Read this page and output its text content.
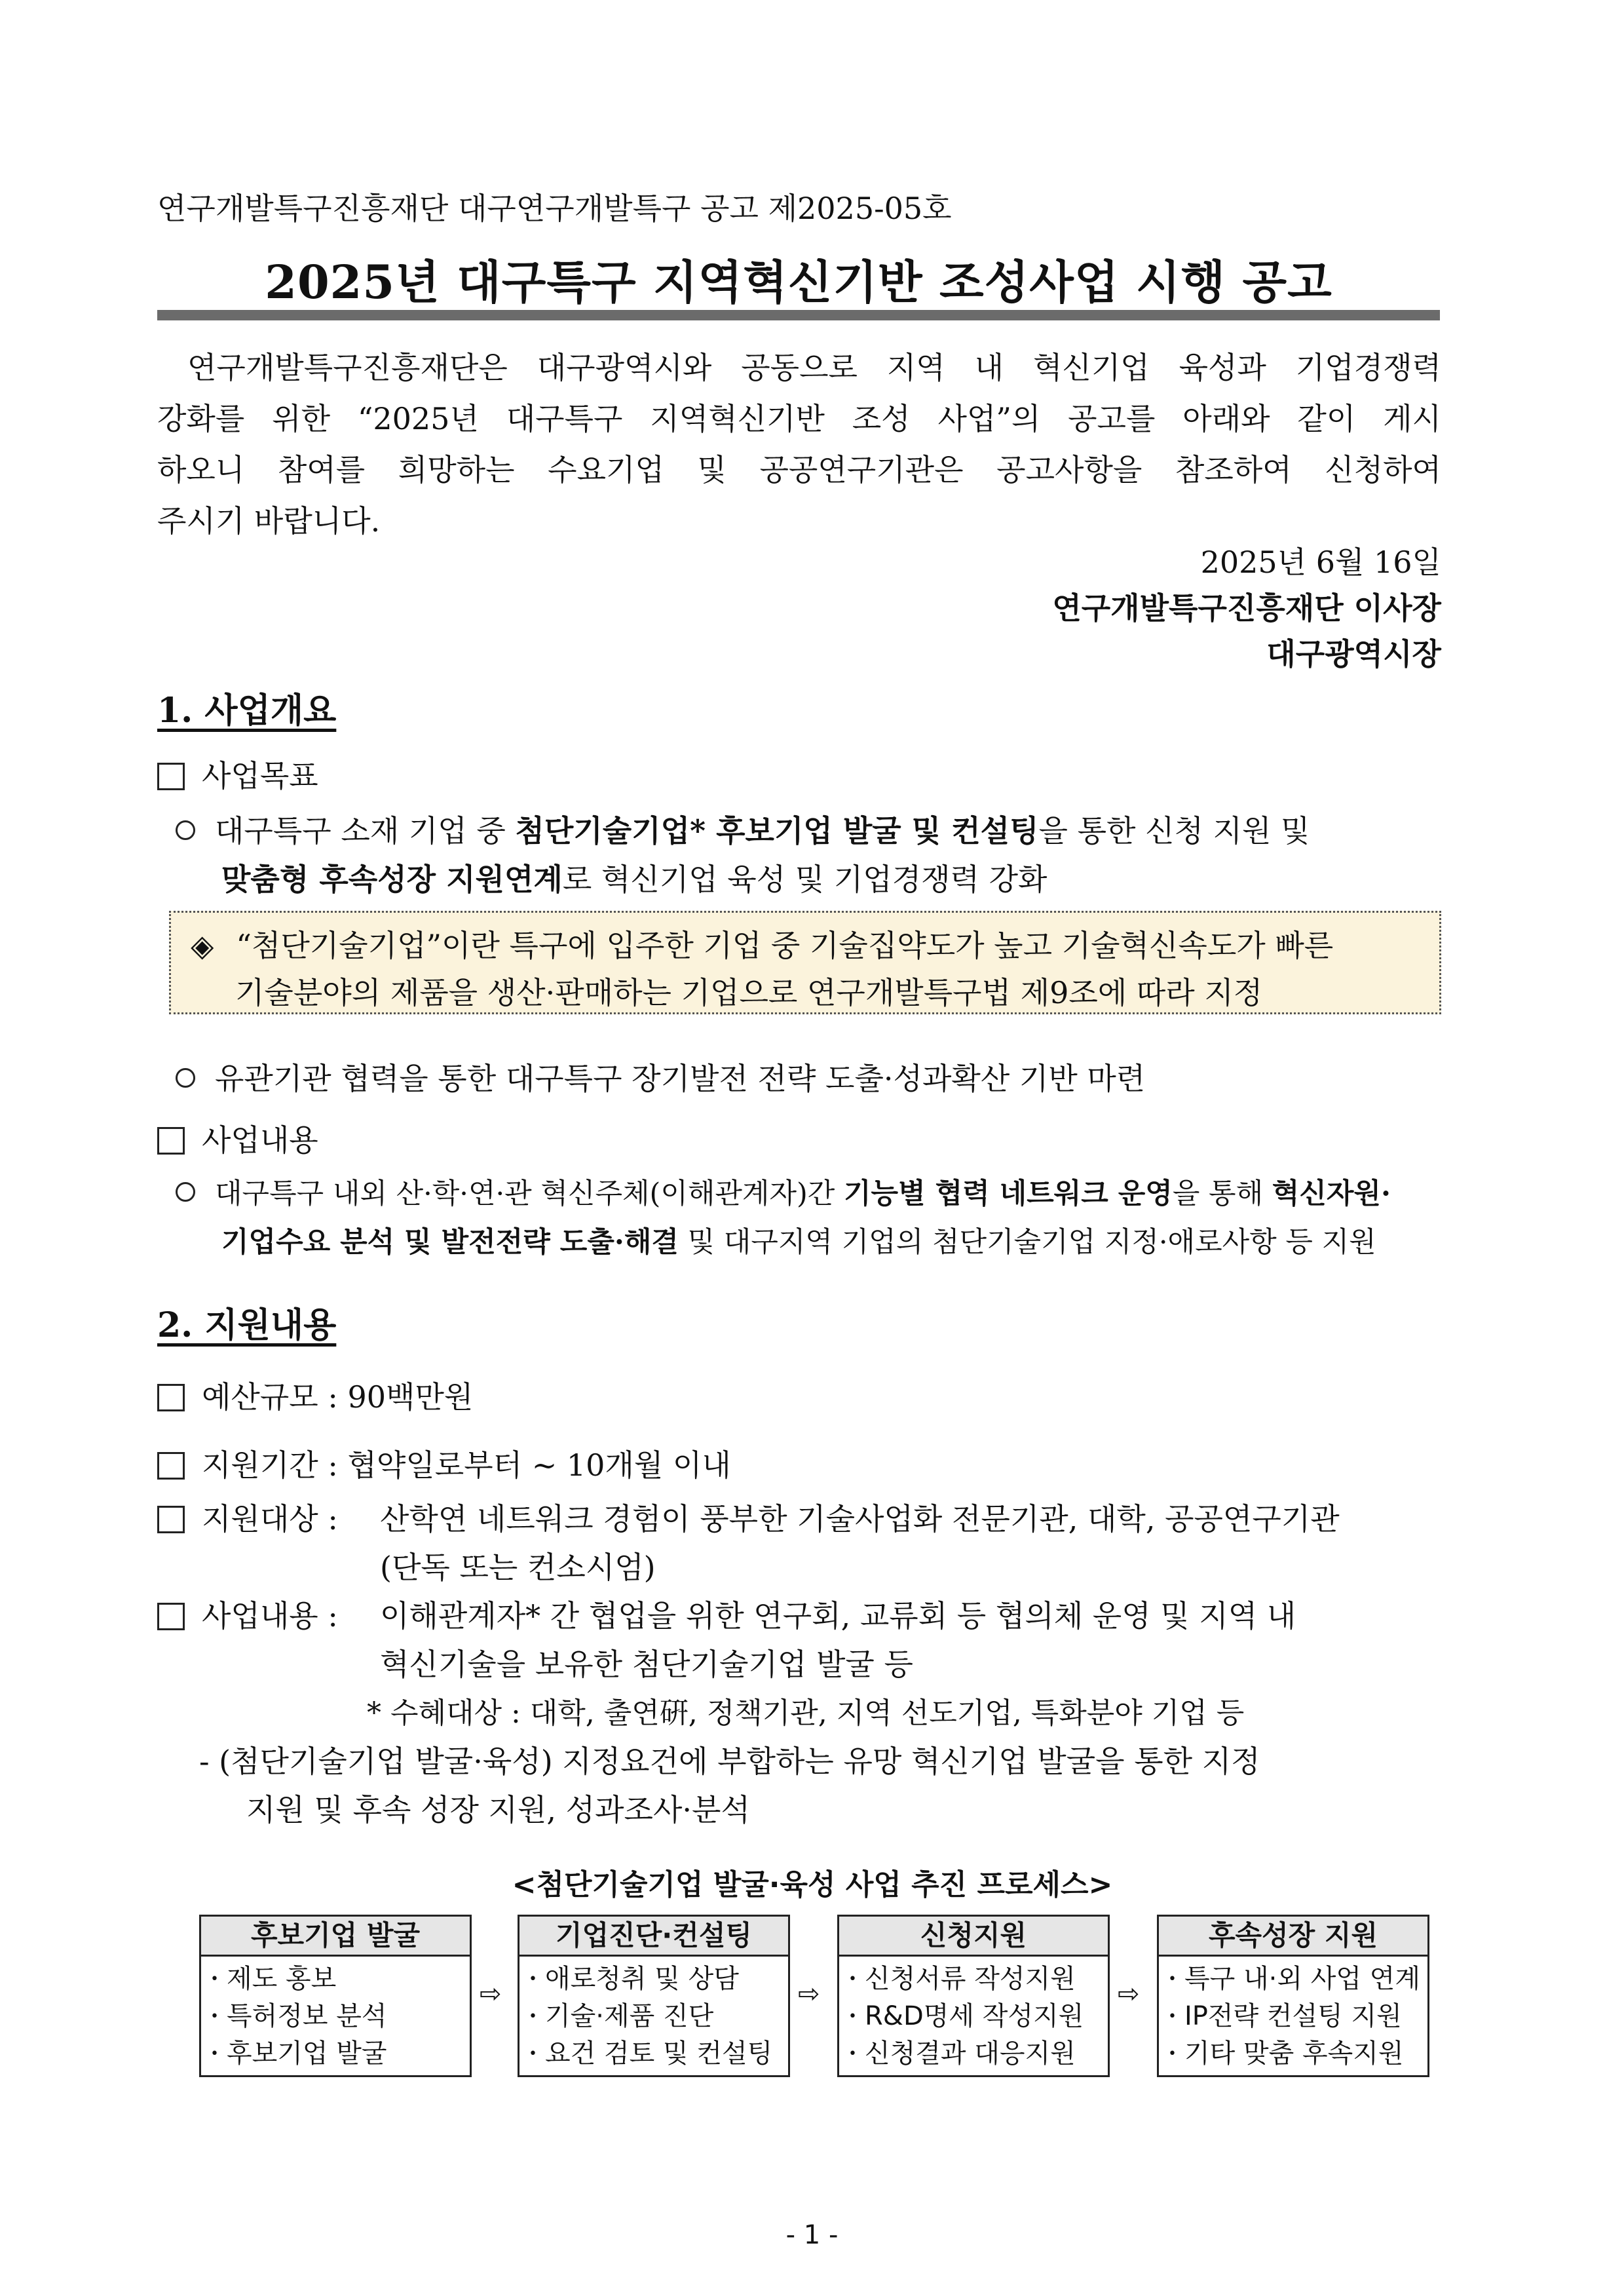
연구개발특구진흥재단 대구연구개발특구 공고 제2025-05호
2025년 대구특구 지역혁신기반 조성사업 시행 공고
연구개발특구진흥재단은 대구광역시와 공동으로 지역 내 혁신기업 육성과 기업경쟁력
강화를 위한 “2025년 대구특구 지역혁신기반 조성 사업”의 공고를 아래와 같이 게시
하오니 참여를 희망하는 수요기업 및 공공연구기관은 공고사항을 참조하여 신청하여
주시기 바랍니다.
2025년 6월 16일
연구개발특구진흥재단 이사장
대구광역시장
1. 사업개요
사업목표
대구특구 소재 기업 중 첨단기술기업* 후보기업 발굴 및 컨설팅을 통한 신청 지원 및
맞춤형 후속성장 지원연계로 혁신기업 육성 및 기업경쟁력 강화
◈ “첨단기술기업”이란 특구에 입주한 기업 중 기술집약도가 높고 기술혁신속도가 빠른
기술분야의 제품을 생산·판매하는 기업으로 연구개발특구법 제9조에 따라 지정
유관기관 협력을 통한 대구특구 장기발전 전략 도출·성과확산 기반 마련
사업내용
대구특구 내외 산·학·연·관 혁신주체(이해관계자)간 기능별 협력 네트워크 운영을 통해 혁신자원·
기업수요 분석 및 발전전략 도출·해결 및 대구지역 기업의 첨단기술기업 지정·애로사항 등 지원
2. 지원내용
예산규모 : 90백만원
지원기간 : 협약일로부터 ~ 10개월 이내
지원대상 : 산학연 네트워크 경험이 풍부한 기술사업화 전문기관, 대학, 공공연구기관
(단독 또는 컨소시엄)
사업내용 : 이해관계자* 간 협업을 위한 연구회, 교류회 등 협의체 운영 및 지역 내
혁신기술을 보유한 첨단기술기업 발굴 등
* 수혜대상 : 대학, 출연硏, 정책기관, 지역 선도기업, 특화분야 기업 등
- (첨단기술기업 발굴·육성) 지정요건에 부합하는 유망 혁신기업 발굴을 통한 지정
지원 및 후속 성장 지원, 성과조사·분석
<첨단기술기업 발굴·육성 사업 추진 프로세스>
후보기업 발굴
• 제도 홍보
• 특허정보 분석
• 후보기업 발굴
⇨
기업진단·컨설팅
• 애로청취 및 상담
• 기술·제품 진단
• 요건 검토 및 컨설팅
⇨
신청지원
• 신청서류 작성지원
• R&D명세 작성지원
• 신청결과 대응지원
⇨
후속성장 지원
• 특구 내·외 사업 연계
• IP전략 컨설팅 지원
• 기타 맞춤 후속지원
- 1 -
